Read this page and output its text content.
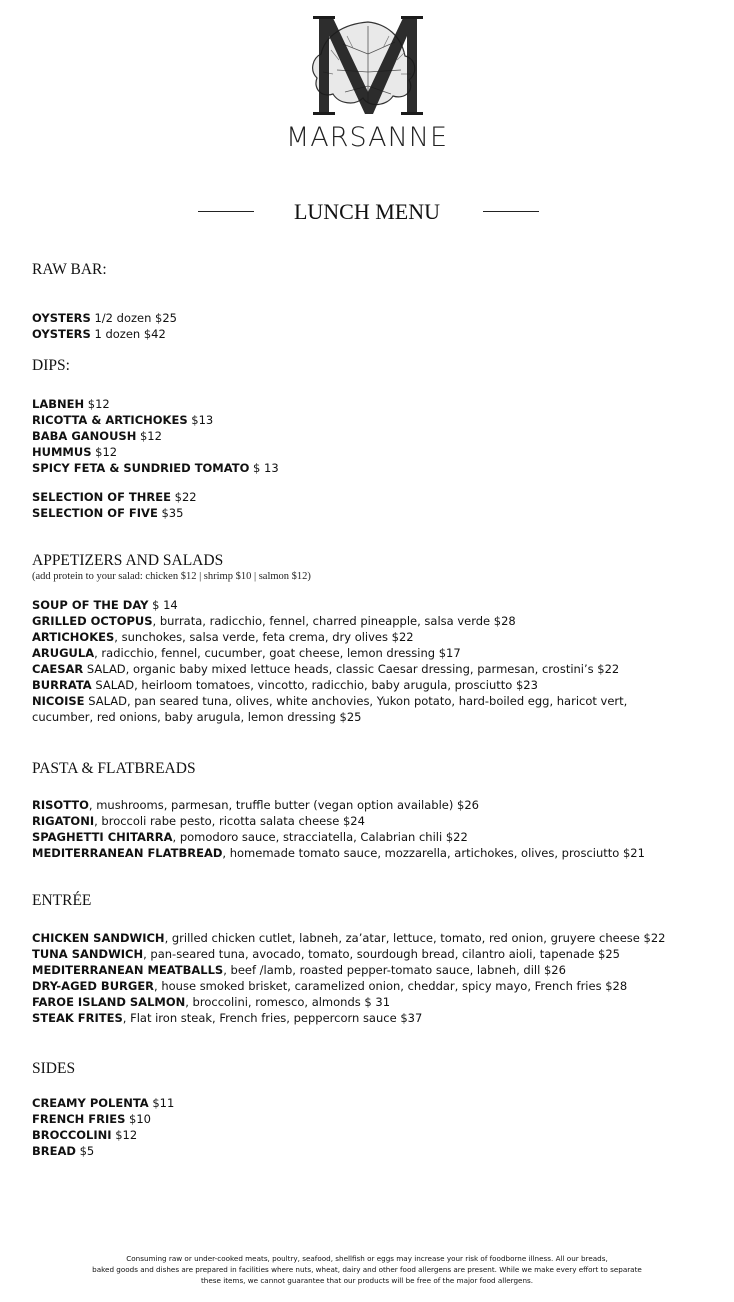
MARSANNE
LUNCH MENU
RAW BAR:
OYSTERS 1/2 dozen $25
OYSTERS 1 dozen $42
DIPS:
LABNEH $12
RICOTTA & ARTICHOKES $13
BABA GANOUSH $12
HUMMUS $12
SPICY FETA & SUNDRIED TOMATO $ 13
SELECTION OF THREE $22
SELECTION OF FIVE $35
APPETIZERS AND SALADS
(add protein to your salad: chicken $12 | shrimp $10 | salmon $12)
SOUP OF THE DAY $ 14
GRILLED OCTOPUS, burrata, radicchio, fennel, charred pineapple, salsa verde $28
ARTICHOKES, sunchokes, salsa verde, feta crema, dry olives $22
ARUGULA, radicchio, fennel, cucumber, goat cheese, lemon dressing $17
CAESAR SALAD, organic baby mixed lettuce heads, classic Caesar dressing, parmesan, crostini’s $22
BURRATA SALAD, heirloom tomatoes, vincotto, radicchio, baby arugula, prosciutto $23
NICOISE SALAD, pan seared tuna, olives, white anchovies, Yukon potato, hard-boiled egg, haricot vert, cucumber, red onions, baby arugula, lemon dressing $25
PASTA & FLATBREADS
RISOTTO, mushrooms, parmesan, truffle butter (vegan option available) $26
RIGATONI, broccoli rabe pesto, ricotta salata cheese $24
SPAGHETTI CHITARRA, pomodoro sauce, stracciatella, Calabrian chili $22
MEDITERRANEAN FLATBREAD, homemade tomato sauce, mozzarella, artichokes, olives, prosciutto $21
ENTRÉE
CHICKEN SANDWICH, grilled chicken cutlet, labneh, za’atar, lettuce, tomato, red onion, gruyere cheese $22
TUNA SANDWICH, pan-seared tuna, avocado, tomato, sourdough bread, cilantro aioli, tapenade $25
MEDITERRANEAN MEATBALLS, beef /lamb, roasted pepper-tomato sauce, labneh, dill $26
DRY-AGED BURGER, house smoked brisket, caramelized onion, cheddar, spicy mayo, French fries $28
FAROE ISLAND SALMON, broccolini, romesco, almonds $ 31
STEAK FRITES, Flat iron steak, French fries, peppercorn sauce $37
SIDES
CREAMY POLENTA $11
FRENCH FRIES $10
BROCCOLINI $12
BREAD $5
Consuming raw or under-cooked meats, poultry, seafood, shellfish or eggs may increase your risk of foodborne illness. All our breads,
baked goods and dishes are prepared in facilities where nuts, wheat, dairy and other food allergens are present. While we make every effort to separate
these items, we cannot guarantee that our products will be free of the major food allergens.
